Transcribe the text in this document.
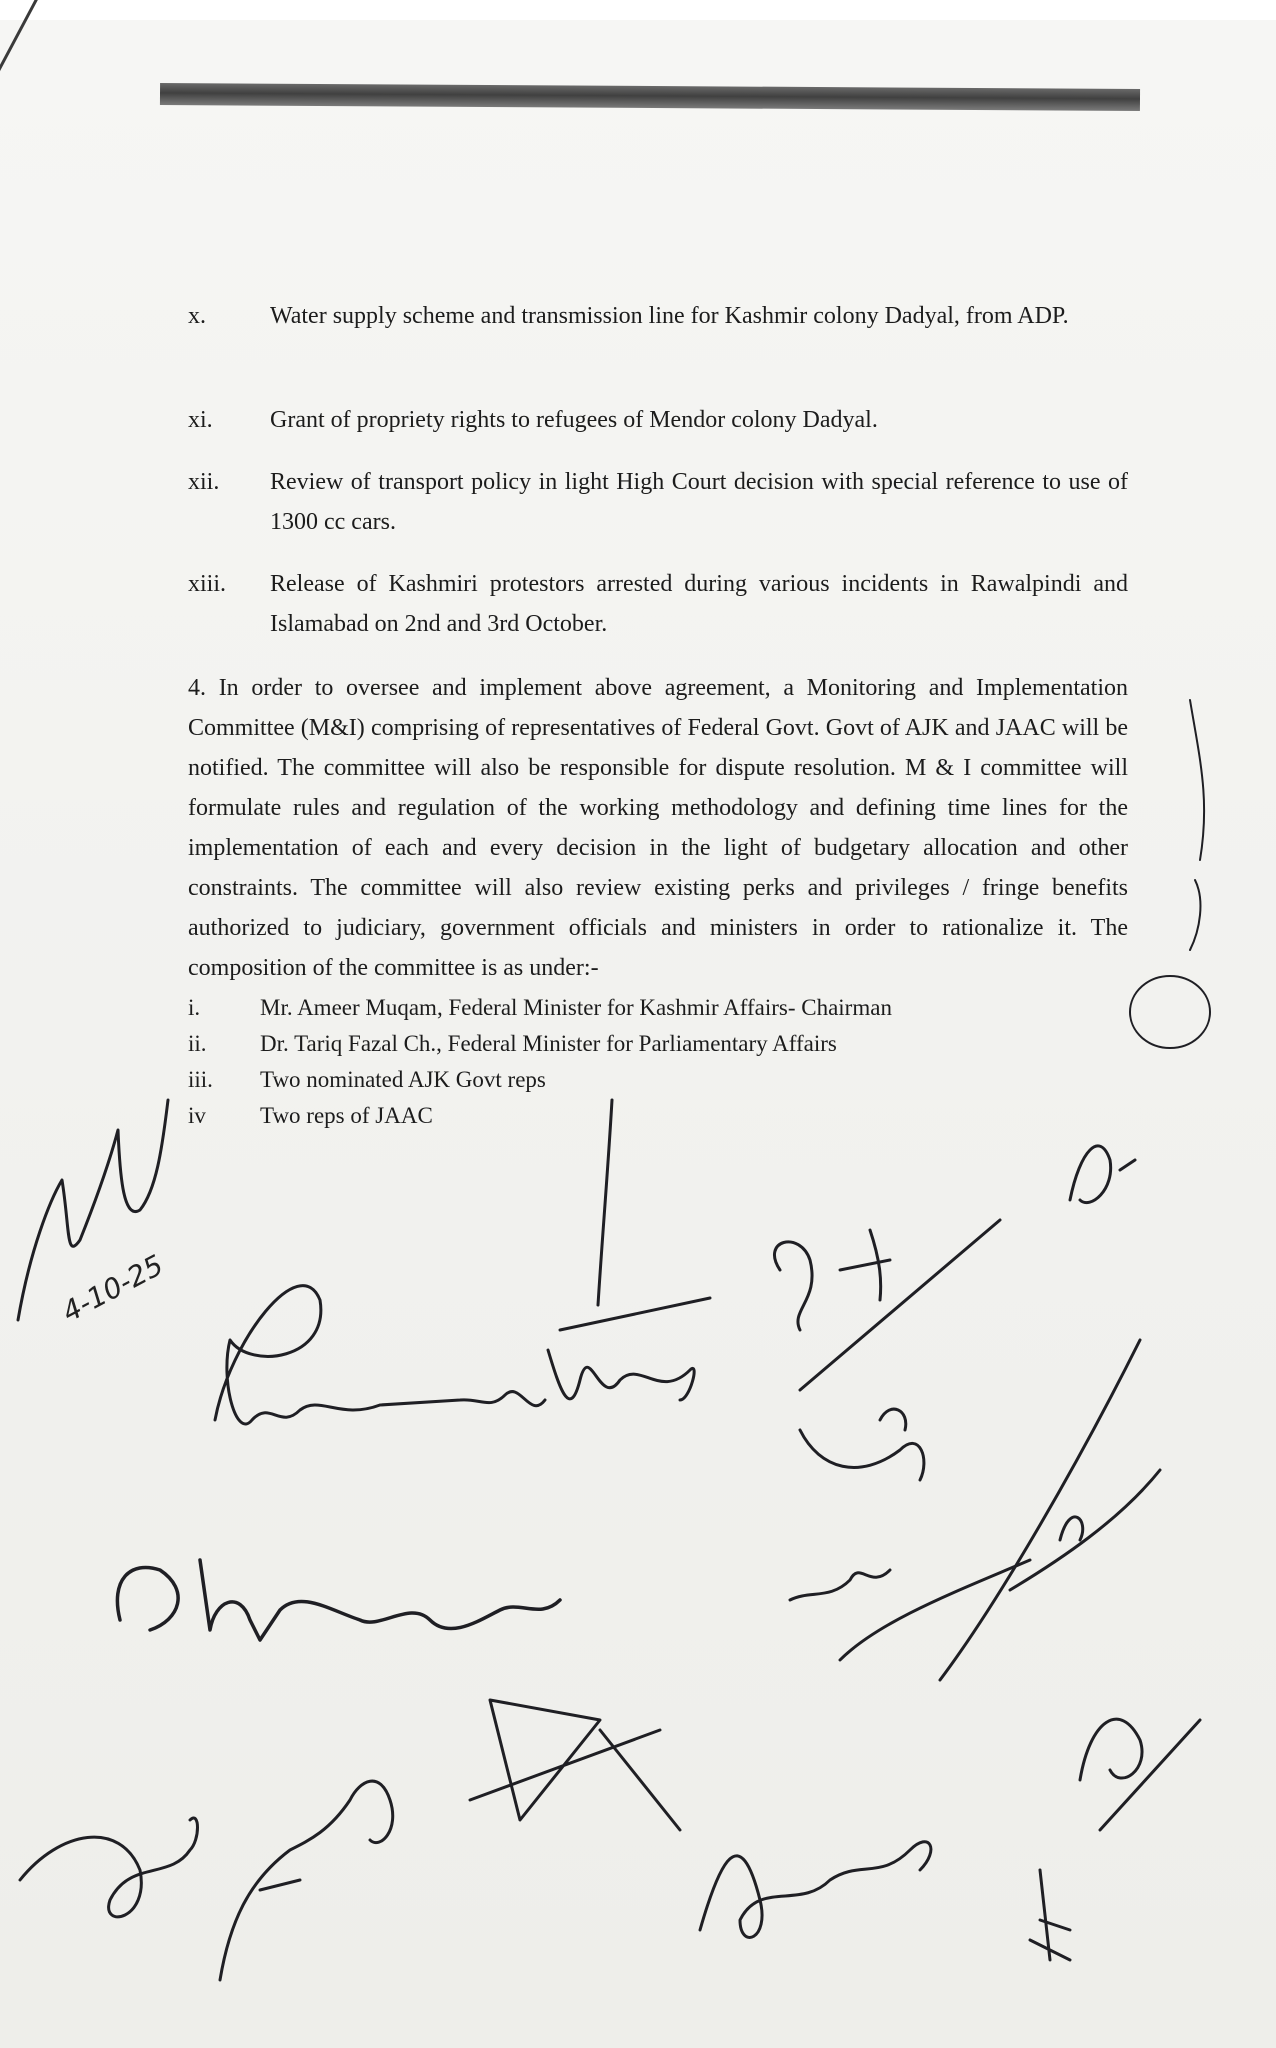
x.	Water supply scheme and transmission line for Kashmir colony Dadyal, from ADP.
xi.	Grant of propriety rights to refugees of Mendor colony Dadyal.
xii.	Review of transport policy in light High Court decision with special reference to use of 1300 cc cars.
xiii.	Release of Kashmiri protestors arrested during various incidents in Rawalpindi and Islamabad on 2nd and 3rd October.
4. In order to oversee and implement above agreement, a Monitoring and Implementation Committee (M&I) comprising of representatives of Federal Govt. Govt of AJK and JAAC will be notified. The committee will also be responsible for dispute resolution. M & I committee will formulate rules and regulation of the working methodology and defining time lines for the implementation of each and every decision in the light of budgetary allocation and other constraints. The committee will also review existing perks and privileges / fringe benefits authorized to judiciary, government officials and ministers in order to rationalize it. The composition of the committee is as under:-
i.	Mr. Ameer Muqam, Federal Minister for Kashmir Affairs- Chairman
ii.	Dr. Tariq Fazal Ch., Federal Minister for Parliamentary Affairs
iii.	Two nominated AJK Govt reps
iv	Two reps of JAAC
4-10-25
